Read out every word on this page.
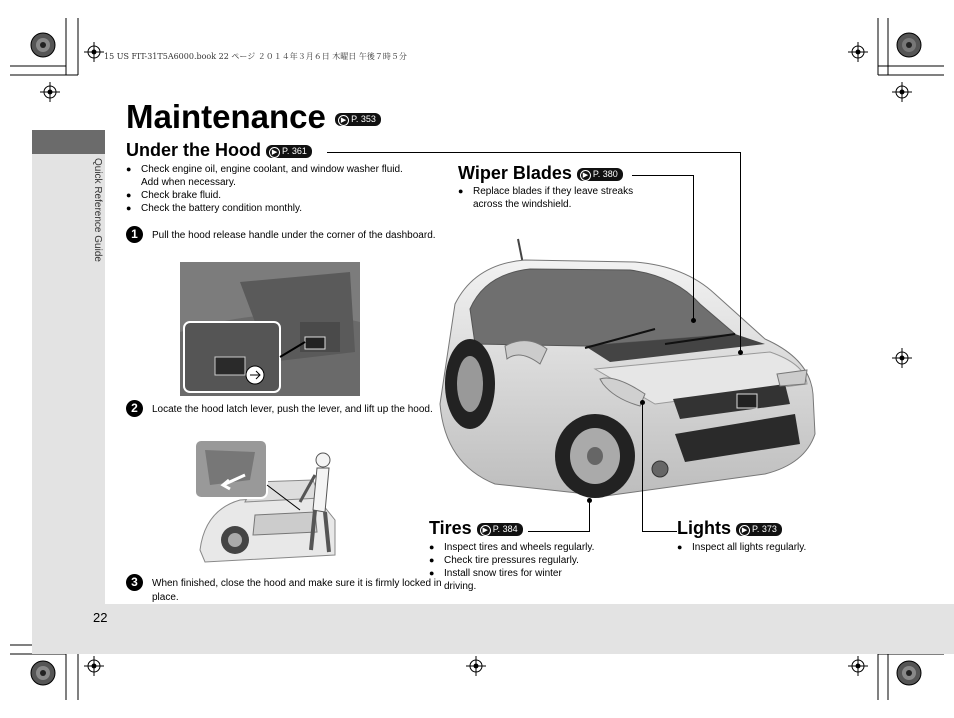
15 US FIT-31T5A6000.book 22 ページ ２０１４年３月６日 木曜日 午後７時５分
Quick Reference Guide
22
Maintenance ▶ P. 353
Under the Hood ▶ P. 361
● Check engine oil, engine coolant, and window washer fluid. Add when necessary.
● Check brake fluid.
● Check the battery condition monthly.
1	Pull the hood release handle under the corner of the dashboard.
2	Locate the hood latch lever, push the lever, and lift up the hood.
3	When finished, close the hood and make sure it is firmly locked in place.
Wiper Blades ▶ P. 380
● Replace blades if they leave streaks across the windshield.
Tires ▶ P. 384
● Inspect tires and wheels regularly.
● Check tire pressures regularly.
● Install snow tires for winter driving.
Lights ▶ P. 373
● Inspect all lights regularly.
